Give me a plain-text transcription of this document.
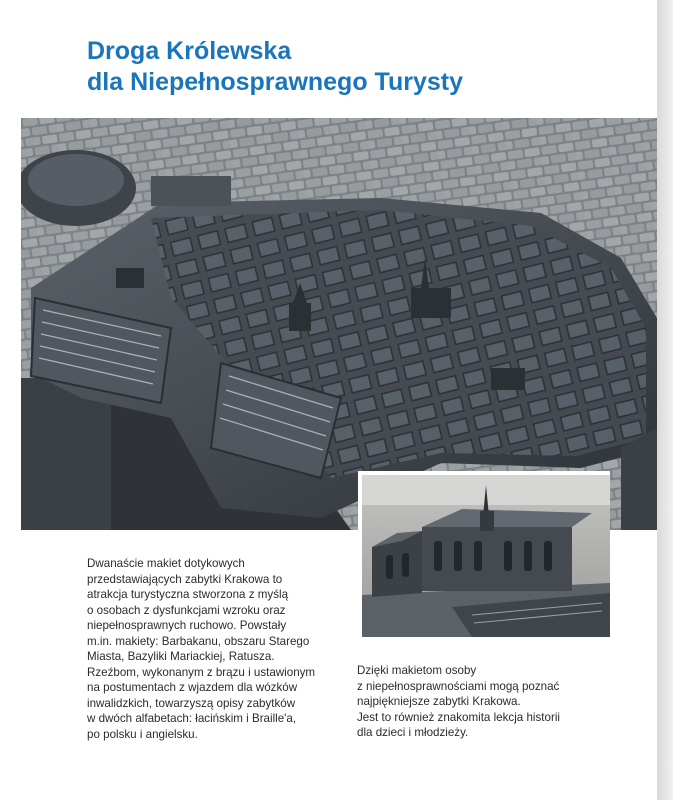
Droga Królewska
dla Niepełnosprawnego Turysty
Dwanaście makiet dotykowych
przedstawiających zabytki Krakowa to
atrakcja turystyczna stworzona z myślą
o osobach z dysfunkcjami wzroku oraz
niepełnosprawnych ruchowo. Powstały
m.in. makiety: Barbakanu, obszaru Starego
Miasta, Bazyliki Mariackiej, Ratusza.
Rzeźbom, wykonanym z brązu i ustawionym
na postumentach z wjazdem dla wózków
inwalidzkich, towarzyszą opisy zabytków
w dwóch alfabetach: łacińskim i Braille'a,
po polsku i angielsku.
Dzięki makietom osoby
z niepełnosprawnościami mogą poznać
najpiękniejsze zabytki Krakowa.
Jest to również znakomita lekcja historii
dla dzieci i młodzieży.
